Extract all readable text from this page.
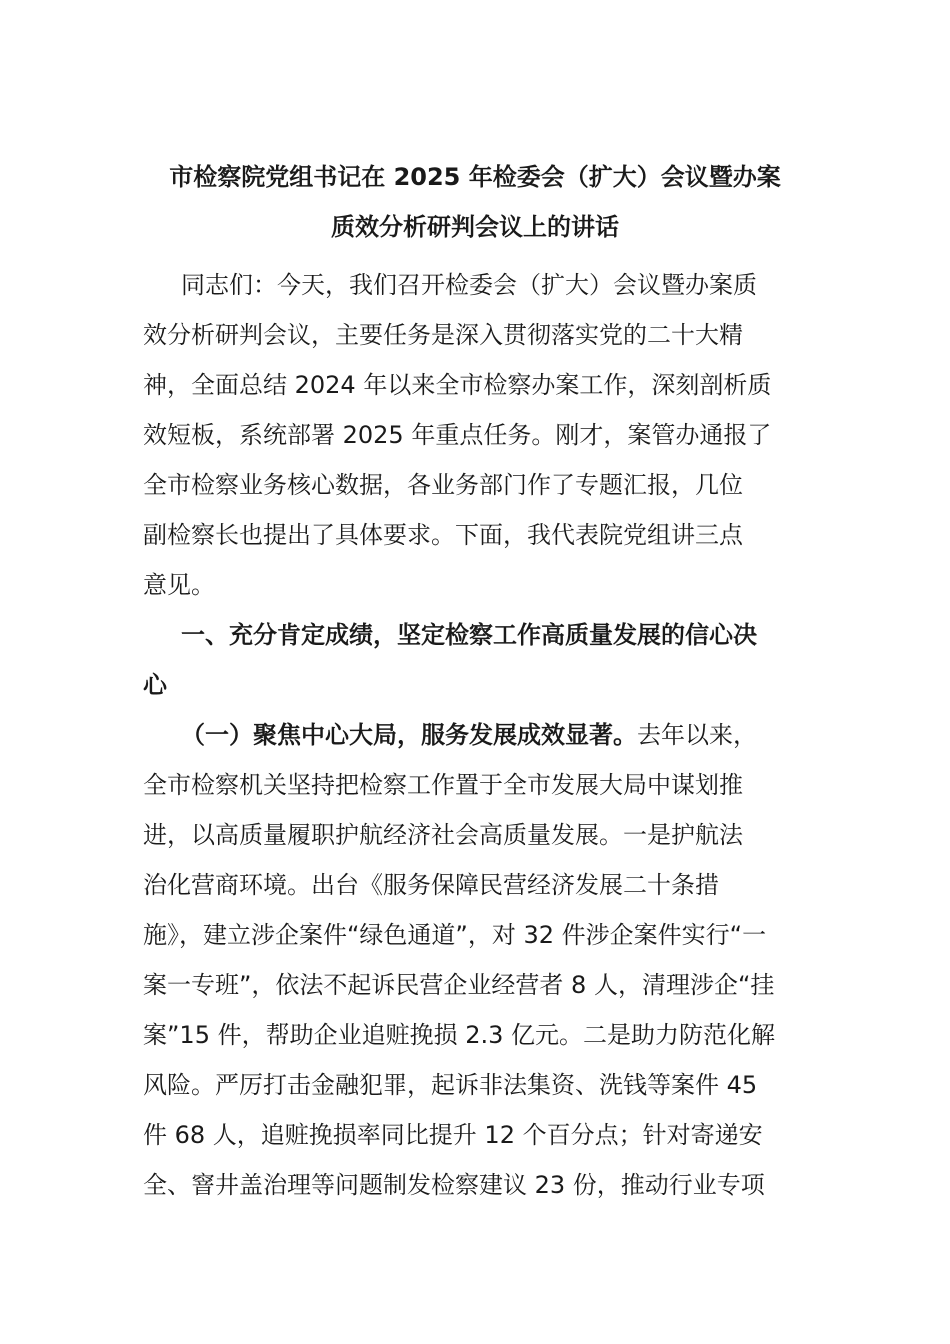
市检察院党组书记在 2025 年检委会（扩大）会议暨办案
质效分析研判会议上的讲话
同志们：今天，我们召开检委会（扩大）会议暨办案质
效分析研判会议，主要任务是深入贯彻落实党的二十大精
神，全面总结 2024 年以来全市检察办案工作，深刻剖析质
效短板，系统部署 2025 年重点任务。刚才，案管办通报了
全市检察业务核心数据，各业务部门作了专题汇报，几位
副检察长也提出了具体要求。下面，我代表院党组讲三点
意见。
一、充分肯定成绩，坚定检察工作高质量发展的信心决
心
（一）聚焦中心大局，服务发展成效显著。去年以来，
全市检察机关坚持把检察工作置于全市发展大局中谋划推
进，以高质量履职护航经济社会高质量发展。一是护航法
治化营商环境。出台《服务保障民营经济发展二十条措
施》，建立涉企案件“绿色通道”，对 32 件涉企案件实行“一
案一专班”，依法不起诉民营企业经营者 8 人，清理涉企“挂
案”15 件，帮助企业追赃挽损 2.3 亿元。二是助力防范化解
风险。严厉打击金融犯罪，起诉非法集资、洗钱等案件 45
件 68 人，追赃挽损率同比提升 12 个百分点；针对寄递安
全、窨井盖治理等问题制发检察建议 23 份，推动行业专项
